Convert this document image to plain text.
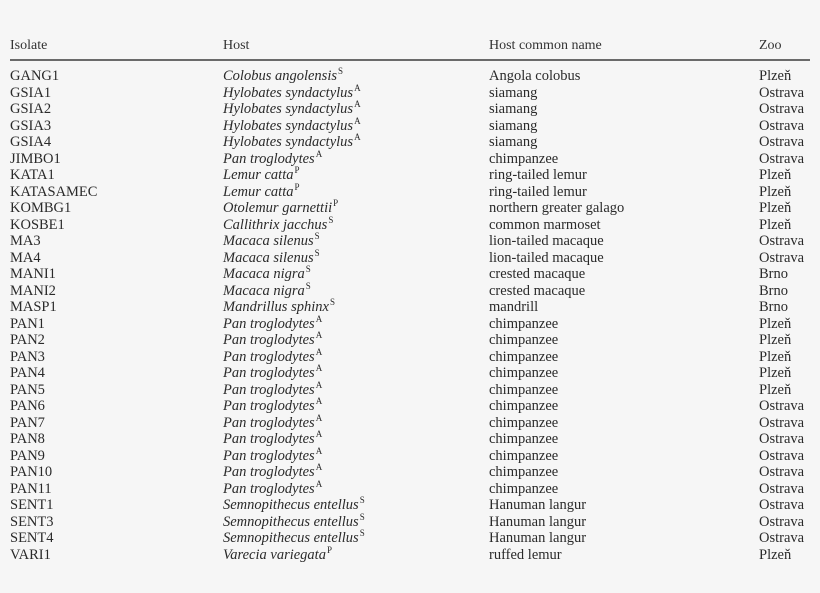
Isolate	Host	Host common name	Zoo
GANG1	Colobus angolensis$^S$	Angola colobus	Plzeň
GSIA1	Hylobates syndactylus$^A$	siamang	Ostrava
GSIA2	Hylobates syndactylus$^A$	siamang	Ostrava
GSIA3	Hylobates syndactylus$^A$	siamang	Ostrava
GSIA4	Hylobates syndactylus$^A$	siamang	Ostrava
JIMBO1	Pan troglodytes$^A$	chimpanzee	Ostrava
KATA1	Lemur catta$^P$	ring-tailed lemur	Plzeň
KATASAMEC	Lemur catta$^P$	ring-tailed lemur	Plzeň
KOMBG1	Otolemur garnettii$^P$	northern greater galago	Plzeň
KOSBE1	Callithrix jacchus$^S$	common marmoset	Plzeň
MA3	Macaca silenus$^S$	lion-tailed macaque	Ostrava
MA4	Macaca silenus$^S$	lion-tailed macaque	Ostrava
MANI1	Macaca nigra$^S$	crested macaque	Brno
MANI2	Macaca nigra$^S$	crested macaque	Brno
MASP1	Mandrillus sphinx$^S$	mandrill	Brno
PAN1	Pan troglodytes$^A$	chimpanzee	Plzeň
PAN2	Pan troglodytes$^A$	chimpanzee	Plzeň
PAN3	Pan troglodytes$^A$	chimpanzee	Plzeň
PAN4	Pan troglodytes$^A$	chimpanzee	Plzeň
PAN5	Pan troglodytes$^A$	chimpanzee	Plzeň
PAN6	Pan troglodytes$^A$	chimpanzee	Ostrava
PAN7	Pan troglodytes$^A$	chimpanzee	Ostrava
PAN8	Pan troglodytes$^A$	chimpanzee	Ostrava
PAN9	Pan troglodytes$^A$	chimpanzee	Ostrava
PAN10	Pan troglodytes$^A$	chimpanzee	Ostrava
PAN11	Pan troglodytes$^A$	chimpanzee	Ostrava
SENT1	Semnopithecus entellus$^S$	Hanuman langur	Ostrava
SENT3	Semnopithecus entellus$^S$	Hanuman langur	Ostrava
SENT4	Semnopithecus entellus$^S$	Hanuman langur	Ostrava
VARI1	Varecia variegata$^P$	ruffed lemur	Plzeň
